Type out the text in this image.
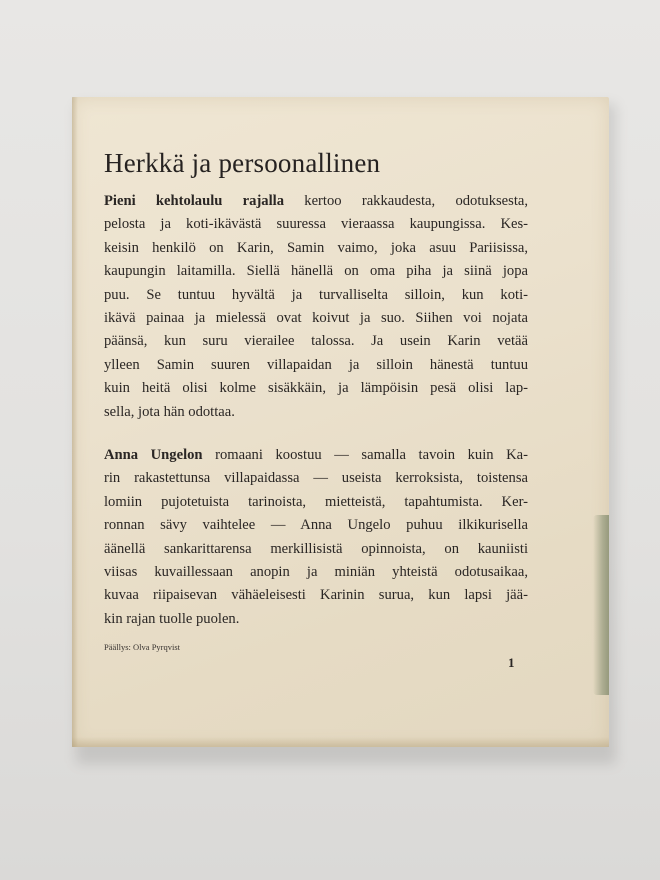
Herkkä ja persoonallinen
Pieni kehtolaulu rajalla kertoo rakkaudesta, odotuksesta,
pelosta ja koti-ikävästä suuressa vieraassa kaupungissa. Kes-
keisin henkilö on Karin, Samin vaimo, joka asuu Pariisissa,
kaupungin laitamilla. Siellä hänellä on oma piha ja siinä jopa
puu. Se tuntuu hyvältä ja turvalliselta silloin, kun koti-
ikävä painaa ja mielessä ovat koivut ja suo. Siihen voi nojata
päänsä, kun suru vierailee talossa. Ja usein Karin vetää
ylleen Samin suuren villapaidan ja silloin hänestä tuntuu
kuin heitä olisi kolme sisäkkäin, ja lämpöisin pesä olisi lap-
sella, jota hän odottaa.
Anna Ungelon romaani koostuu — samalla tavoin kuin Ka-
rin rakastettunsa villapaidassa — useista kerroksista, toistensa
lomiin pujotetuista tarinoista, mietteistä, tapahtumista. Ker-
ronnan sävy vaihtelee — Anna Ungelo puhuu ilkikurisella
äänellä sankarittarensa merkillisistä opinnoista, on kauniisti
viisas kuvaillessaan anopin ja miniän yhteistä odotusaikaa,
kuvaa riipaisevan vähäeleisesti Karinin surua, kun lapsi jää-
kin rajan tuolle puolen.
Päällys: Olva Pyrqvist
1
